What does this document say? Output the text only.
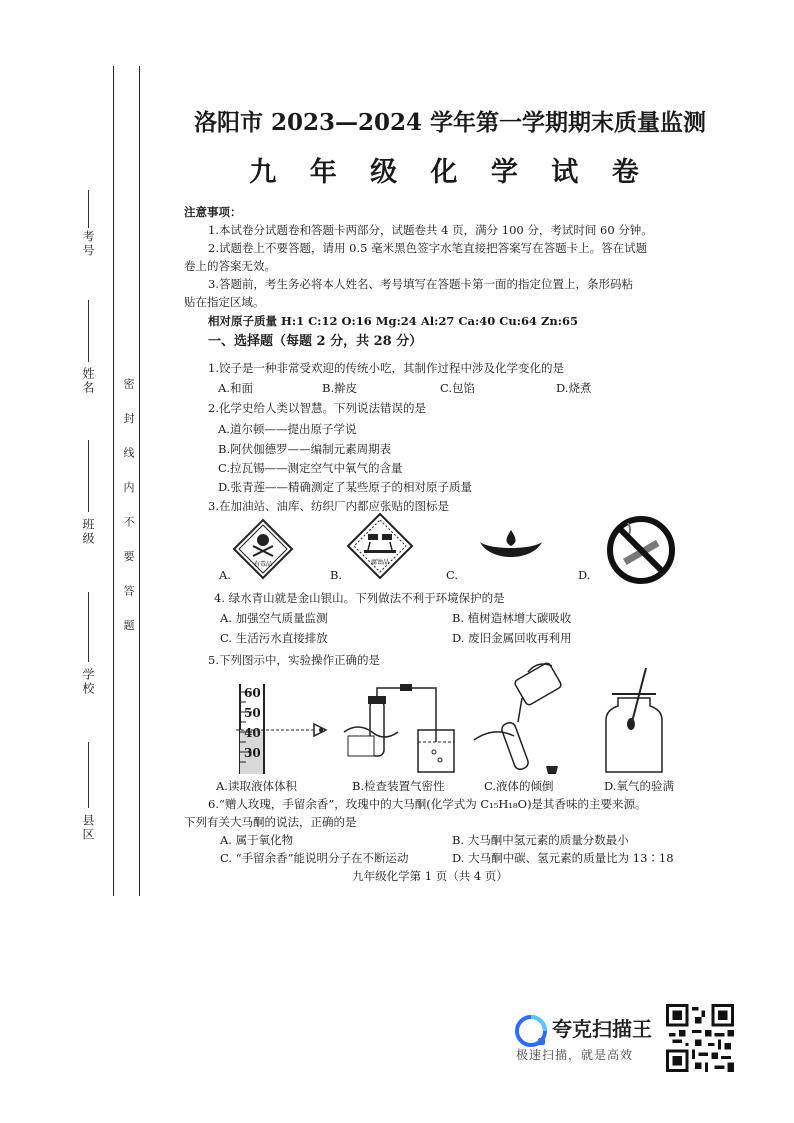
考号
姓名
班级
学校
县区
密 封 线 内 不 要 答 题
洛阳市 2023—2024 学年第一学期期末质量监测
九 年 级 化 学 试 卷
注意事项：
1.本试卷分试题卷和答题卡两部分，试题卷共 4 页，满分 100 分，考试时间 60 分钟。
2.试题卷上不要答题，请用 0.5 毫米黑色签字水笔直接把答案写在答题卡上。答在试题
卷上的答案无效。
3.答题前，考生务必将本人姓名、考号填写在答题卡第一面的指定位置上，条形码粘
贴在指定区域。
相对原子质量 H:1 C:12 O:16 Mg:24 Al:27 Ca:40 Cu:64 Zn:65
一、选择题（每题 2 分，共 28 分）
1.饺子是一种非常受欢迎的传统小吃，其制作过程中涉及化学变化的是
A.和面	B.擀皮	C.包馅	D.烧煮
2.化学史给人类以智慧。下列说法错误的是
A.道尔顿——提出原子学说
B.阿伏伽德罗——编制元素周期表
C.拉瓦锡——测定空气中氧气的含量
D.张青莲——精确测定了某些原子的相对原子质量
3.在加油站、油库、纺织厂内都应张贴的图标是
有毒品	腐蚀品
A.	B.	C.	D.
4. 绿水青山就是金山银山。下列做法不利于环境保护的是
A. 加强空气质量监测	B. 植树造林增大碳吸收
C. 生活污水直接排放	D. 废旧金属回收再利用
5.下列图示中，实验操作正确的是
60
50
40
30
A.读取液体体积	B.检查装置气密性	C.液体的倾倒	D.氧气的验满
6.“赠人玫瑰，手留余香”，玫瑰中的大马酮(化学式为 C₁₅H₁₈O)是其香味的主要来源。
下列有关大马酮的说法，正确的是
A. 属于氧化物	B. 大马酮中氢元素的质量分数最小
C. “手留余香”能说明分子在不断运动	D. 大马酮中碳、氢元素的质量比为 13∶18
九年级化学第 1 页（共 4 页）
夸克扫描王
极速扫描，就是高效
